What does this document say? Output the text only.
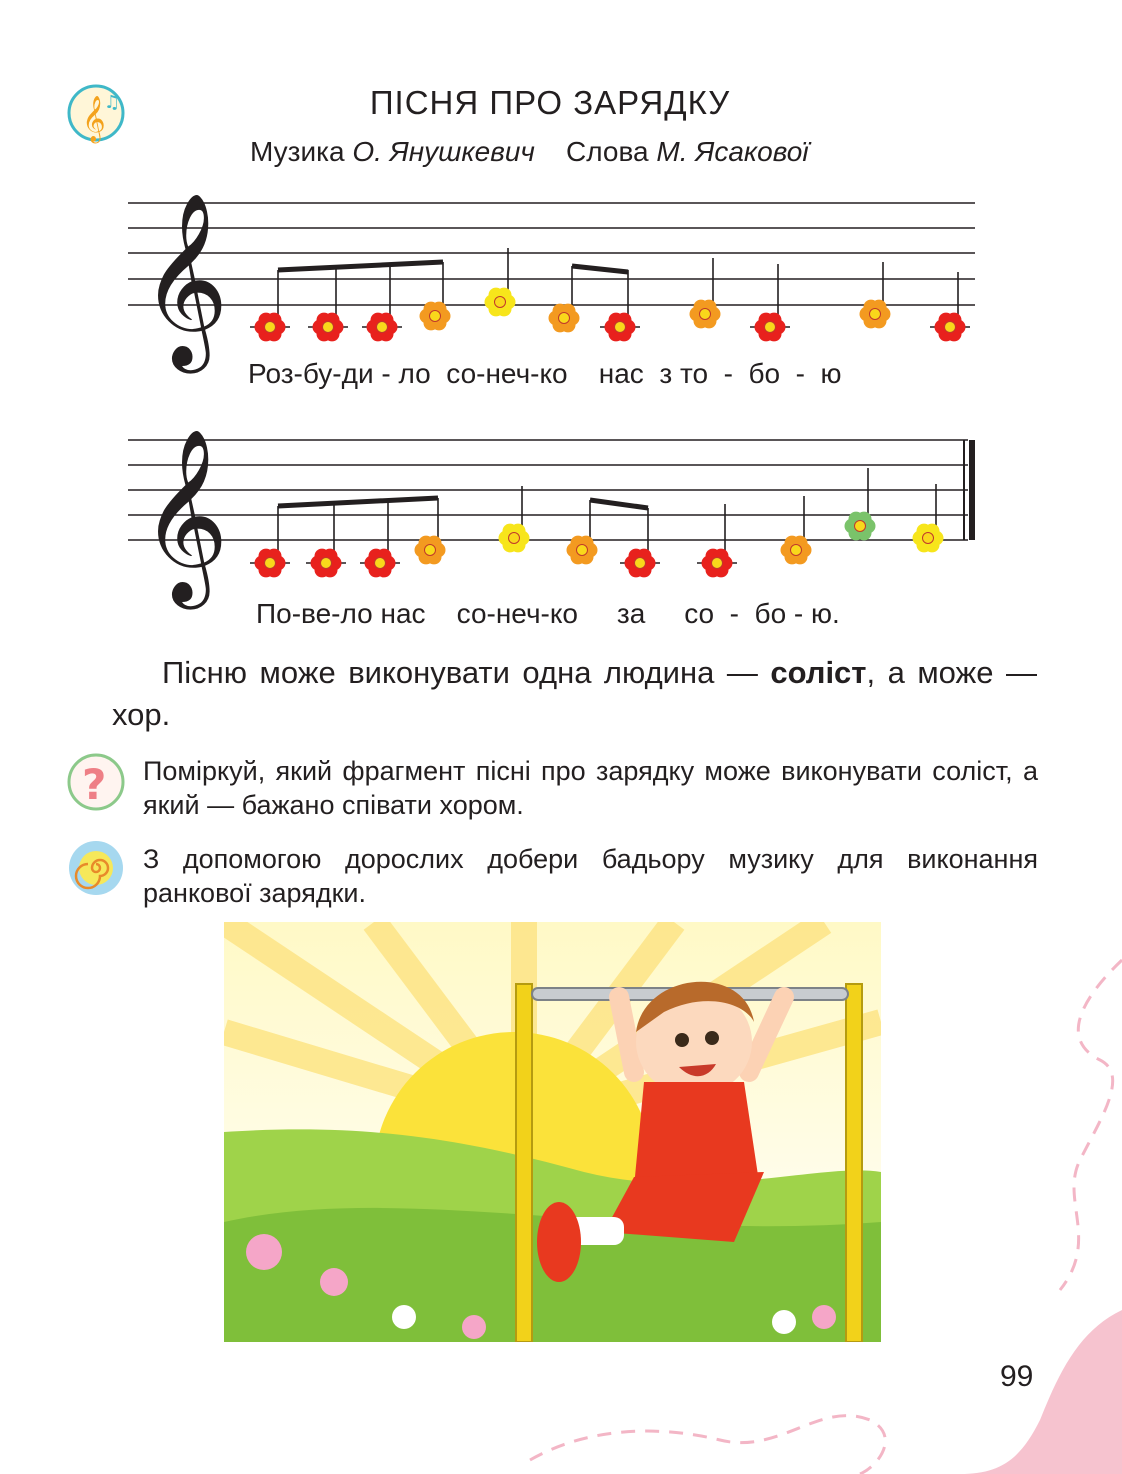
𝄞
♫	ПІСНЯ ПРО ЗАРЯДКУ
Музика О. Янушкевич Слова М. Ясакової
𝄞
Роз-бу-ди - ло  со-неч-ко    нас  з то  -  бо  -  ю
𝄞
По-ве-ло нас    со-неч-ко     за     со  -  бо - ю.
Пісню може виконувати одна людина — соліст, а може — хор.
? Поміркуй, який фрагмент пісні про зарядку може виконувати соліст, а який — бажано співати хором.
З допомогою дорослих добери бадьору музику для виконання ранкової зарядки.
99
